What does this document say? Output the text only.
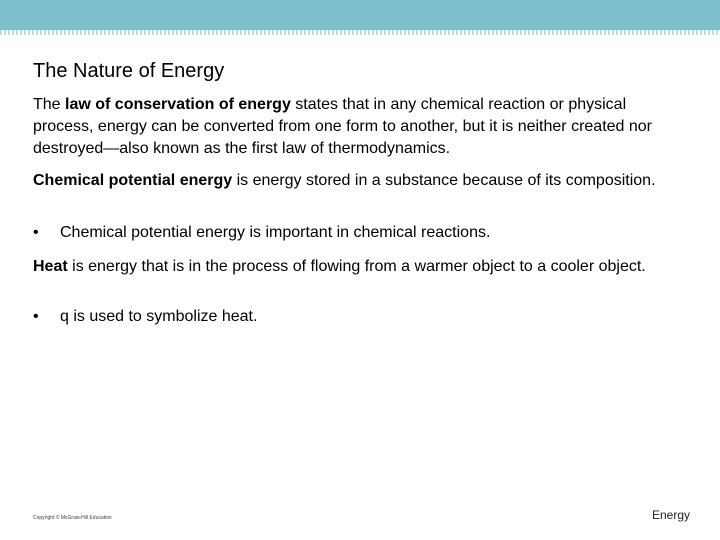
The Nature of Energy

The law of conservation of energy states that in any chemical reaction or physical process, energy can be converted from one form to another, but it is neither created nor destroyed—also known as the first law of thermodynamics.

Chemical potential energy is energy stored in a substance because of its composition.

• Chemical potential energy is important in chemical reactions.

Heat is energy that is in the process of flowing from a warmer object to a cooler object.

• q is used to symbolize heat.
Copyright © McGraw-Hill Education	Energy
